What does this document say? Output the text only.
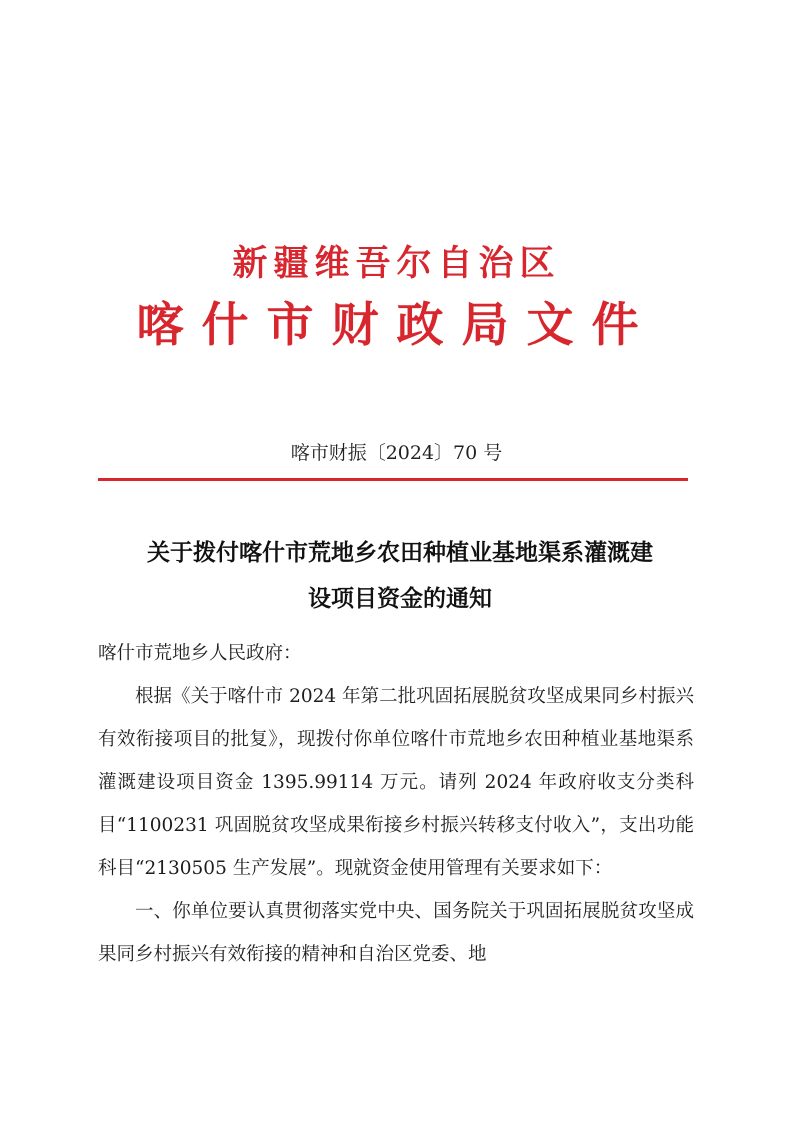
新疆维吾尔自治区
喀什市财政局文件
喀市财振〔2024〕70 号
关于拨付喀什市荒地乡农田种植业基地渠系灌溉建
设项目资金的通知

喀什市荒地乡人民政府：

根据《关于喀什市 2024 年第二批巩固拓展脱贫攻坚成果同乡村振兴有效衔接项目的批复》，现拨付你单位喀什市荒地乡农田种植业基地渠系灌溉建设项目资金 1395.99114 万元。请列 2024 年政府收支分类科目“1100231 巩固脱贫攻坚成果衔接乡村振兴转移支付收入”，支出功能科目“2130505 生产发展”。现就资金使用管理有关要求如下：

一、你单位要认真贯彻落实党中央、国务院关于巩固拓展脱贫攻坚成果同乡村振兴有效衔接的精神和自治区党委、地
